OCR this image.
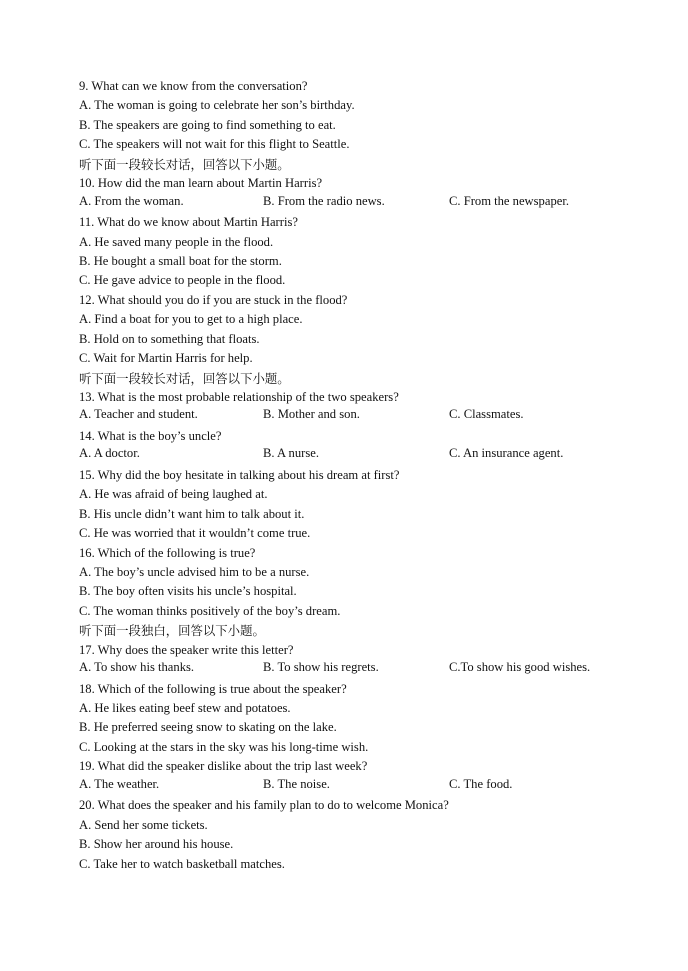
9. What can we know from the conversation?
A. The woman is going to celebrate her son’s birthday.
B. The speakers are going to find something to eat.
C. The speakers will not wait for this flight to Seattle.
听下面一段较长对话，回答以下小题。
10. How did the man learn about Martin Harris?
A. From the woman.	B. From the radio news.	C. From the newspaper.
11. What do we know about Martin Harris?
A. He saved many people in the flood.
B. He bought a small boat for the storm.
C. He gave advice to people in the flood.
12. What should you do if you are stuck in the flood?
A. Find a boat for you to get to a high place.
B. Hold on to something that floats.
C. Wait for Martin Harris for help.
听下面一段较长对话，回答以下小题。
13. What is the most probable relationship of the two speakers?
A. Teacher and student.	B. Mother and son.	C. Classmates.
14. What is the boy’s uncle?
A. A doctor.	B. A nurse.	C. An insurance agent.
15. Why did the boy hesitate in talking about his dream at first?
A. He was afraid of being laughed at.
B. His uncle didn’t want him to talk about it.
C. He was worried that it wouldn’t come true.
16. Which of the following is true?
A. The boy’s uncle advised him to be a nurse.
B. The boy often visits his uncle’s hospital.
C. The woman thinks positively of the boy’s dream.
听下面一段独白，回答以下小题。
17. Why does the speaker write this letter?
A. To show his thanks.	B. To show his regrets.	C.To show his good wishes.
18. Which of the following is true about the speaker?
A. He likes eating beef stew and potatoes.
B. He preferred seeing snow to skating on the lake.
C. Looking at the stars in the sky was his long-time wish.
19. What did the speaker dislike about the trip last week?
A. The weather.	B. The noise.	C. The food.
20. What does the speaker and his family plan to do to welcome Monica?
A. Send her some tickets.
B. Show her around his house.
C. Take her to watch basketball matches.
